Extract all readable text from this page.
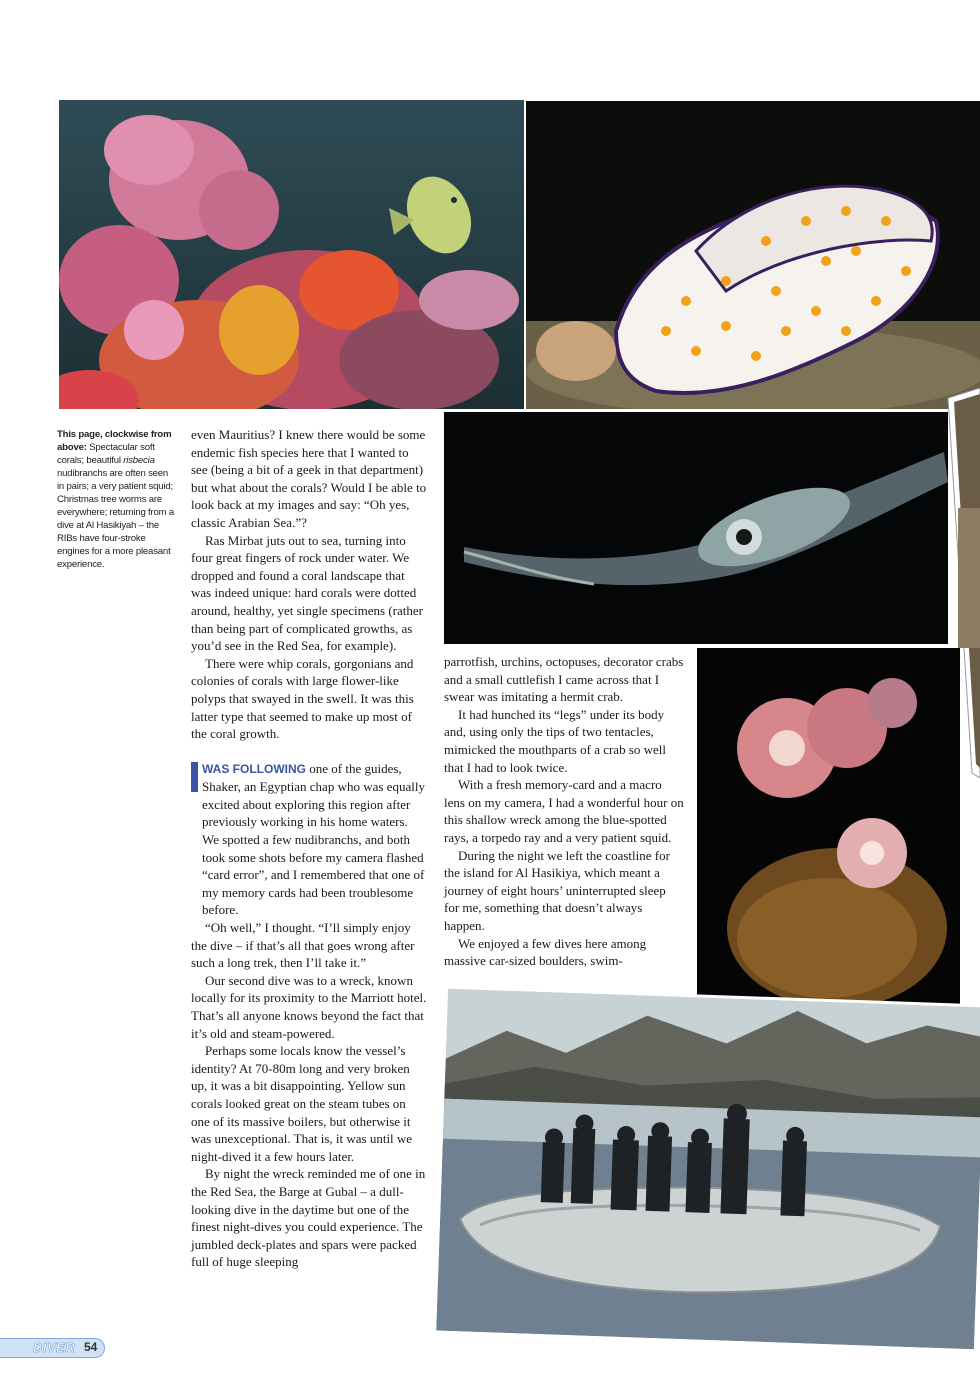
This page, clockwise from above: Spectacular soft corals; beautiful risbecia nudibranchs are often seen in pairs; a very patient squid; Christmas tree worms are everywhere; returning from a dive at Al Hasikiyah – the RIBs have four-stroke engines for a more pleasant experience.

even Mauritius? I knew there would be some endemic fish species here that I wanted to see (being a bit of a geek in that department) but what about the corals? Would I be able to look back at my images and say: “Oh yes, classic Arabian Sea.”?

Ras Mirbat juts out to sea, turning into four great fingers of rock under water. We dropped and found a coral landscape that was indeed unique: hard corals were dotted around, healthy, yet single specimens (rather than being part of complicated growths, as you’d see in the Red Sea, for example).

There were whip corals, gorgonians and colonies of corals with large flower-like polyps that swayed in the swell. It was this latter type that seemed to make up most of the coral growth.

WAS FOLLOWING one of the guides, Shaker, an Egyptian chap who was equally excited about exploring this region after previously working in his home waters. We spotted a few nudibranchs, and both took some shots before my camera flashed “card error”, and I remembered that one of my memory cards had been troublesome before.

“Oh well,” I thought. “I’ll simply enjoy the dive – if that’s all that goes wrong after such a long trek, then I’ll take it.”

Our second dive was to a wreck, known locally for its proximity to the Marriott hotel. That’s all anyone knows beyond the fact that it’s old and steam-powered.

Perhaps some locals know the vessel’s identity? At 70-80m long and very broken up, it was a bit disappointing. Yellow sun corals looked great on the steam tubes on one of its massive boilers, but otherwise it was unexceptional. That is, it was until we night-dived it a few hours later.

By night the wreck reminded me of one in the Red Sea, the Barge at Gubal – a dull-looking dive in the daytime but one of the finest night-dives you could experience. The jumbled deck-plates and spars were packed full of huge sleeping

parrotfish, urchins, octopuses, decorator crabs and a small cuttlefish I came across that I swear was imitating a hermit crab.

It had hunched its “legs” under its body and, using only the tips of two tentacles, mimicked the mouthparts of a crab so well that I had to look twice.

With a fresh memory-card and a macro lens on my camera, I had a wonderful hour on this shallow wreck among the blue-spotted rays, a torpedo ray and a very patient squid.

During the night we left the coastline for the island for Al Hasikiya, which meant a journey of eight hours’ uninterrupted sleep for me, something that doesn’t always happen.

We enjoyed a few dives here among massive car-sized boulders, swim-

DIVER 54
